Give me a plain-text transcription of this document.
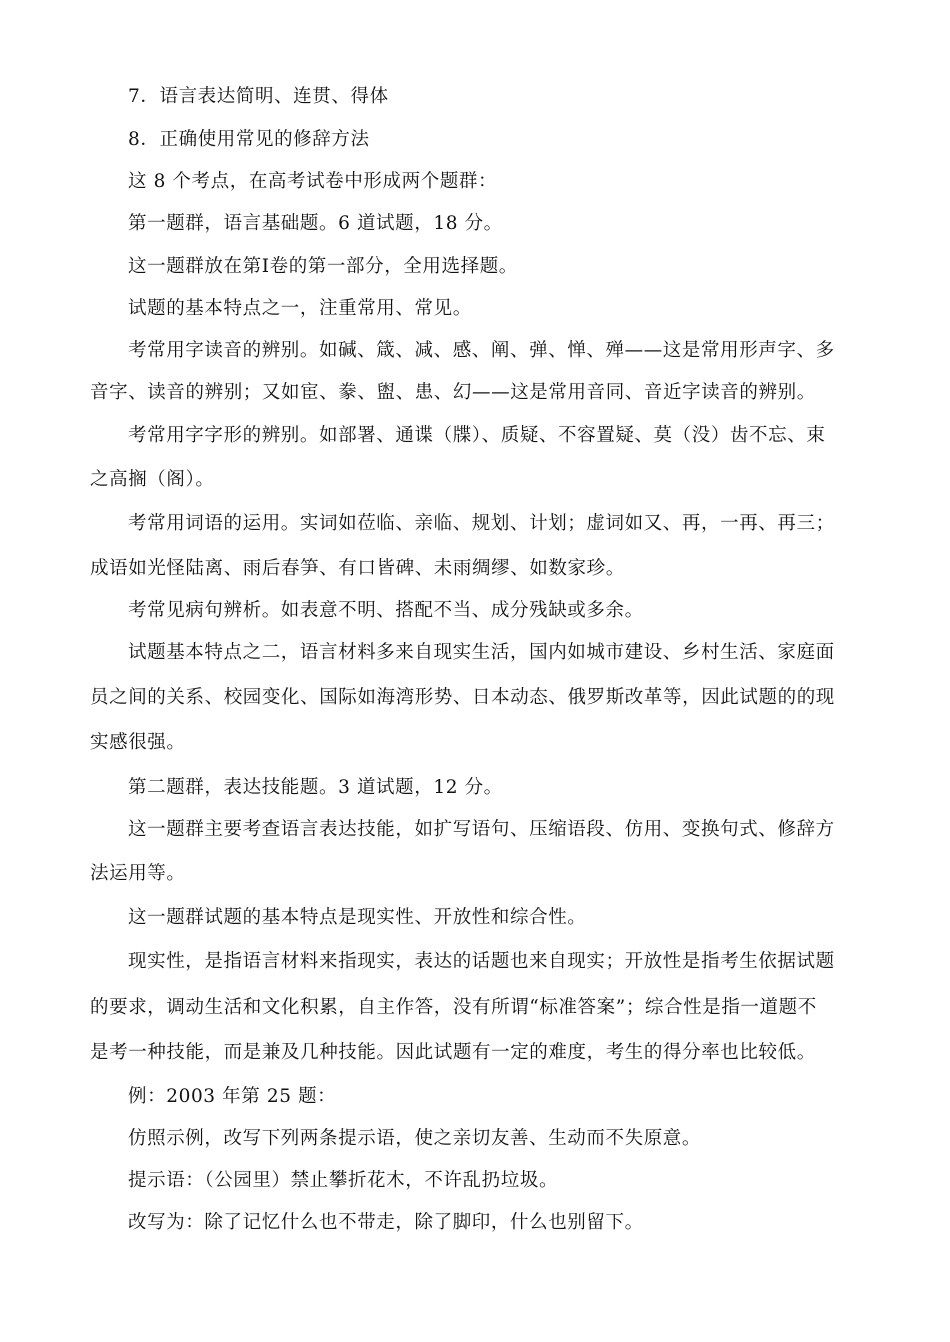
7．语言表达简明、连贯、得体
8．正确使用常见的修辞方法
这 8 个考点，在高考试卷中形成两个题群：
第一题群，语言基础题。6 道试题，18 分。
这一题群放在第Ⅰ卷的第一部分，全用选择题。
试题的基本特点之一，注重常用、常见。
考常用字读音的辨别。如碱、箴、减、感、阐、弹、惮、殚——这是常用形声字、多
音字、读音的辨别；又如宦、豢、盥、患、幻——这是常用音同、音近字读音的辨别。
考常用字字形的辨别。如部署、通谍（牒）、质疑、不容置疑、莫（没）齿不忘、束
之高搁（阁）。
考常用词语的运用。实词如莅临、亲临、规划、计划；虚词如又、再，一再、再三；
成语如光怪陆离、雨后春笋、有口皆碑、未雨绸缪、如数家珍。
考常见病句辨析。如表意不明、搭配不当、成分残缺或多余。
试题基本特点之二，语言材料多来自现实生活，国内如城市建设、乡村生活、家庭面
员之间的关系、校园变化、国际如海湾形势、日本动态、俄罗斯改革等，因此试题的的现
实感很强。
第二题群，表达技能题。3 道试题，12 分。
这一题群主要考查语言表达技能，如扩写语句、压缩语段、仿用、变换句式、修辞方
法运用等。
这一题群试题的基本特点是现实性、开放性和综合性。
现实性，是指语言材料来指现实，表达的话题也来自现实；开放性是指考生依据试题
的要求，调动生活和文化积累，自主作答，没有所谓“标准答案”；综合性是指一道题不
是考一种技能，而是兼及几种技能。因此试题有一定的难度，考生的得分率也比较低。
例：2003 年第 25 题：
仿照示例，改写下列两条提示语，使之亲切友善、生动而不失原意。
提示语：（公园里）禁止攀折花木，不许乱扔垃圾。
改写为：除了记忆什么也不带走，除了脚印，什么也别留下。
